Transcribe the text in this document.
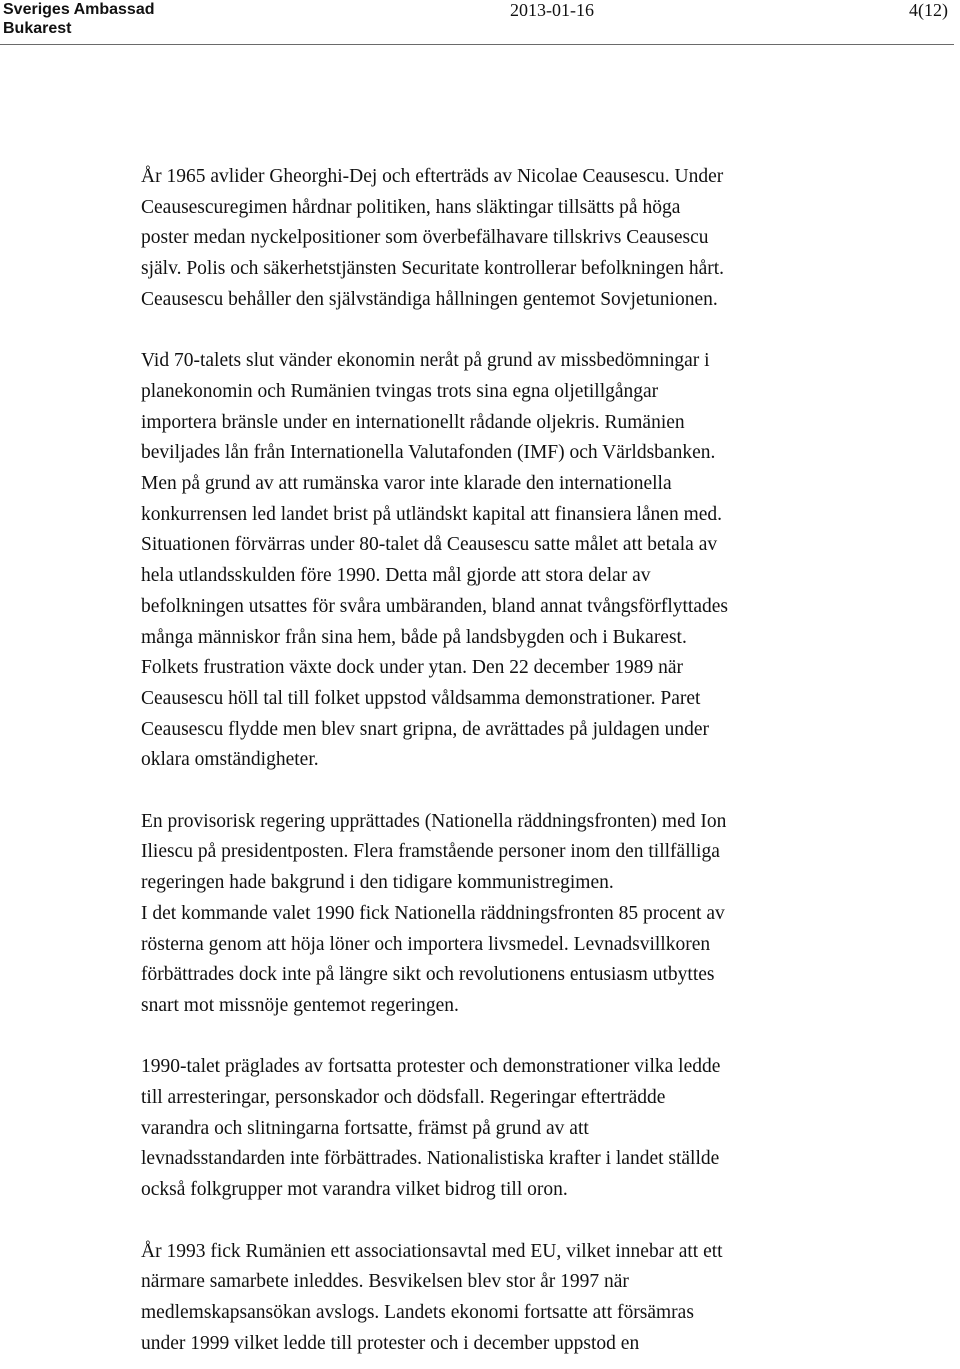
Sveriges Ambassad
Bukarest
2013-01-16	4(12)

År 1965 avlider Gheorghi-Dej och efterträds av Nicolae Ceausescu. Under
Ceausescuregimen hårdnar politiken, hans släktingar tillsätts på höga
poster medan nyckelpositioner som överbefälhavare tillskrivs Ceausescu
själv. Polis och säkerhetstjänsten Securitate kontrollerar befolkningen hårt.
Ceausescu behåller den självständiga hållningen gentemot Sovjetunionen.

Vid 70-talets slut vänder ekonomin neråt på grund av missbedömningar i
planekonomin och Rumänien tvingas trots sina egna oljetillgångar
importera bränsle under en internationellt rådande oljekris. Rumänien
beviljades lån från Internationella Valutafonden (IMF) och Världsbanken.
Men på grund av att rumänska varor inte klarade den internationella
konkurrensen led landet brist på utländskt kapital att finansiera lånen med.
Situationen förvärras under 80-talet då Ceausescu satte målet att betala av
hela utlandsskulden före 1990. Detta mål gjorde att stora delar av
befolkningen utsattes för svåra umbäranden, bland annat tvångsförflyttades
många människor från sina hem, både på landsbygden och i Bukarest.
Folkets frustration växte dock under ytan. Den 22 december 1989 när
Ceausescu höll tal till folket uppstod våldsamma demonstrationer. Paret
Ceausescu flydde men blev snart gripna, de avrättades på juldagen under
oklara omständigheter.

En provisorisk regering upprättades (Nationella räddningsfronten) med Ion
Iliescu på presidentposten. Flera framstående personer inom den tillfälliga
regeringen hade bakgrund i den tidigare kommunistregimen.

I det kommande valet 1990 fick Nationella räddningsfronten 85 procent av
rösterna genom att höja löner och importera livsmedel. Levnadsvillkoren
förbättrades dock inte på längre sikt och revolutionens entusiasm utbyttes
snart mot missnöje gentemot regeringen.

1990-talet präglades av fortsatta protester och demonstrationer vilka ledde
till arresteringar, personskador och dödsfall. Regeringar efterträdde
varandra och slitningarna fortsatte, främst på grund av att
levnadsstandarden inte förbättrades. Nationalistiska krafter i landet ställde
också folkgrupper mot varandra vilket bidrog till oron.

År 1993 fick Rumänien ett associationsavtal med EU, vilket innebar att ett
närmare samarbete inleddes. Besvikelsen blev stor år 1997 när
medlemskapsansökan avslogs. Landets ekonomi fortsatte att försämras
under 1999 vilket ledde till protester och i december uppstod en
